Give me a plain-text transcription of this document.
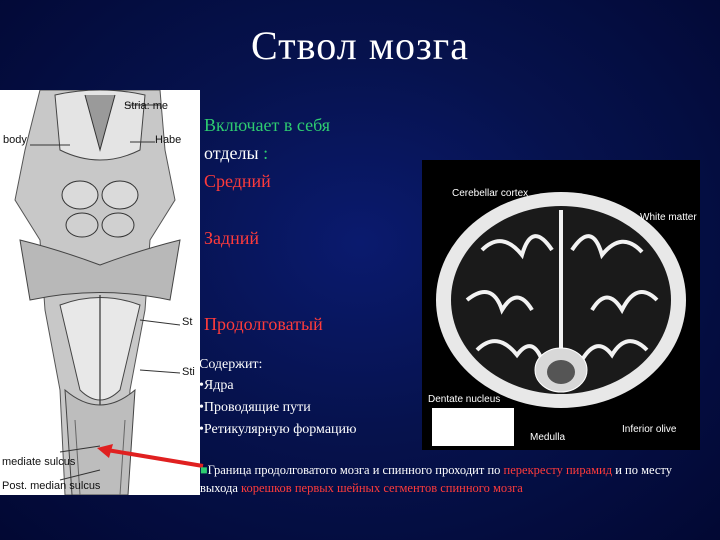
Ствол мозга
Stria: me
body	Habe
St
Sti
mediate sulcus
Post. median sulcus
Cerebellar cortex
White matter
Dentate nucleus
Inferior olive
Medulla
Включает в себя
отделы :
Средний
Задний
Продолговатый
Содержит:
•Ядра
•Проводящие пути
•Ретикулярную формацию
■Граница продолговатого мозга и спинного проходит по перекресту пирамид и по месту выхода корешков первых шейных сегментов спинного мозга
